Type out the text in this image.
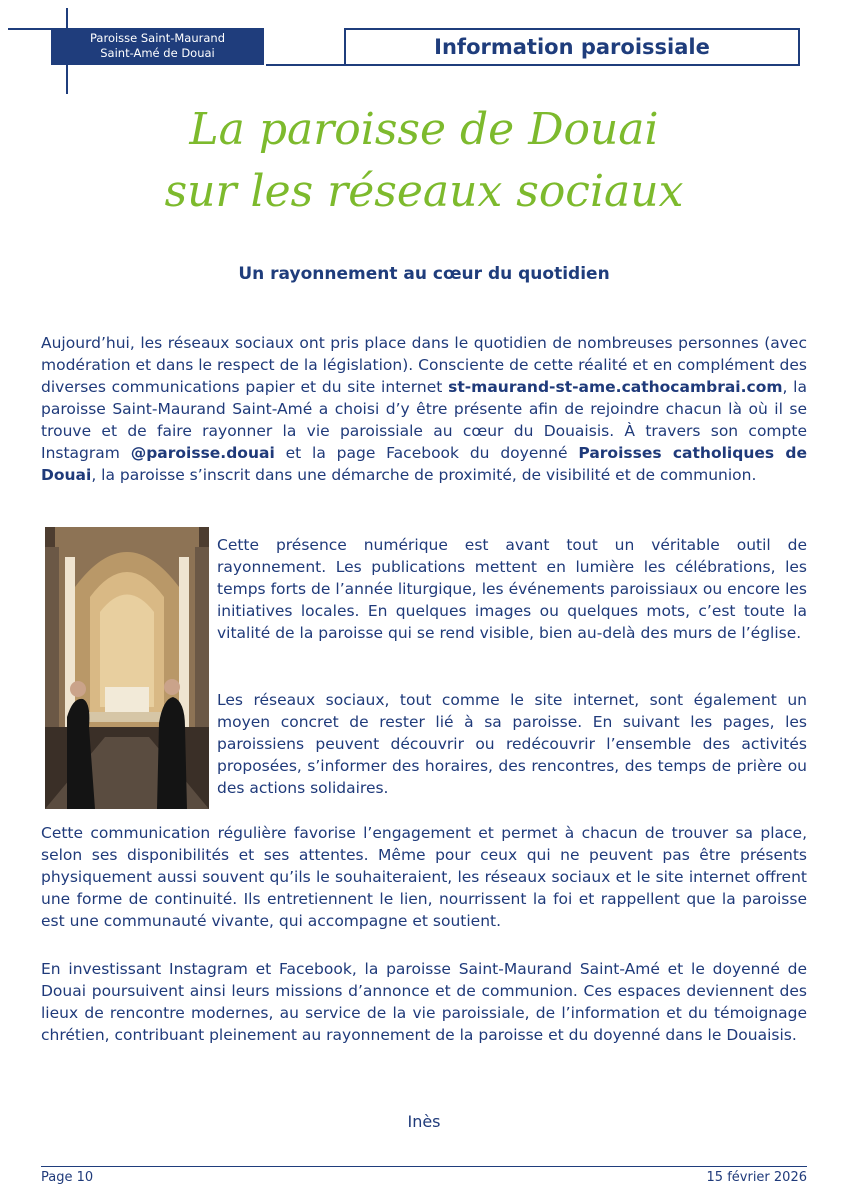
Paroisse Saint-Maurand
Saint-Amé de Douai	Information paroissiale
La paroisse de Douai
sur les réseaux sociaux
Un rayonnement au cœur du quotidien

Aujourd’hui, les réseaux sociaux ont pris place dans le quotidien de nombreuses personnes (avec modération et dans le respect de la législation). Consciente de cette réalité et en complément des diverses communications papier et du site internet st-maurand-st-ame.cathocambrai.com, la paroisse Saint-Maurand Saint-Amé a choisi d’y être présente afin de rejoindre chacun là où il se trouve et de faire rayonner la vie paroissiale au cœur du Douaisis. À travers son compte Instagram @paroisse.douai et la page Facebook du doyenné Paroisses catholiques de Douai, la paroisse s’inscrit dans une démarche de proximité, de visibilité et de communion.

Cette présence numérique est avant tout un véritable outil de rayonnement. Les publications mettent en lumière les célébrations, les temps forts de l’année liturgique, les événements paroissiaux ou encore les initiatives locales. En quelques images ou quelques mots, c’est toute la vitalité de la paroisse qui se rend visible, bien au-delà des murs de l’église.

Les réseaux sociaux, tout comme le site internet, sont également un moyen concret de rester lié à sa paroisse. En suivant les pages, les paroissiens peuvent découvrir ou redécouvrir l’ensemble des activités proposées, s’informer des horaires, des rencontres, des temps de prière ou des actions solidaires.

Cette communication régulière favorise l’engagement et permet à chacun de trouver sa place, selon ses disponibilités et ses attentes. Même pour ceux qui ne peuvent pas être présents physiquement aussi souvent qu’ils le souhaiteraient, les réseaux sociaux et le site internet offrent une forme de continuité. Ils entretiennent le lien, nourrissent la foi et rappellent que la paroisse est une communauté vivante, qui accompagne et soutient.

En investissant Instagram et Facebook, la paroisse Saint-Maurand Saint-Amé et le doyenné de Douai poursuivent ainsi leurs missions d’annonce et de communion. Ces espaces deviennent des lieux de rencontre modernes, au service de la vie paroissiale, de l’information et du témoignage chrétien, contribuant pleinement au rayonnement de la paroisse et du doyenné dans le Douaisis.

Inès
Page 10	15 février 2026
